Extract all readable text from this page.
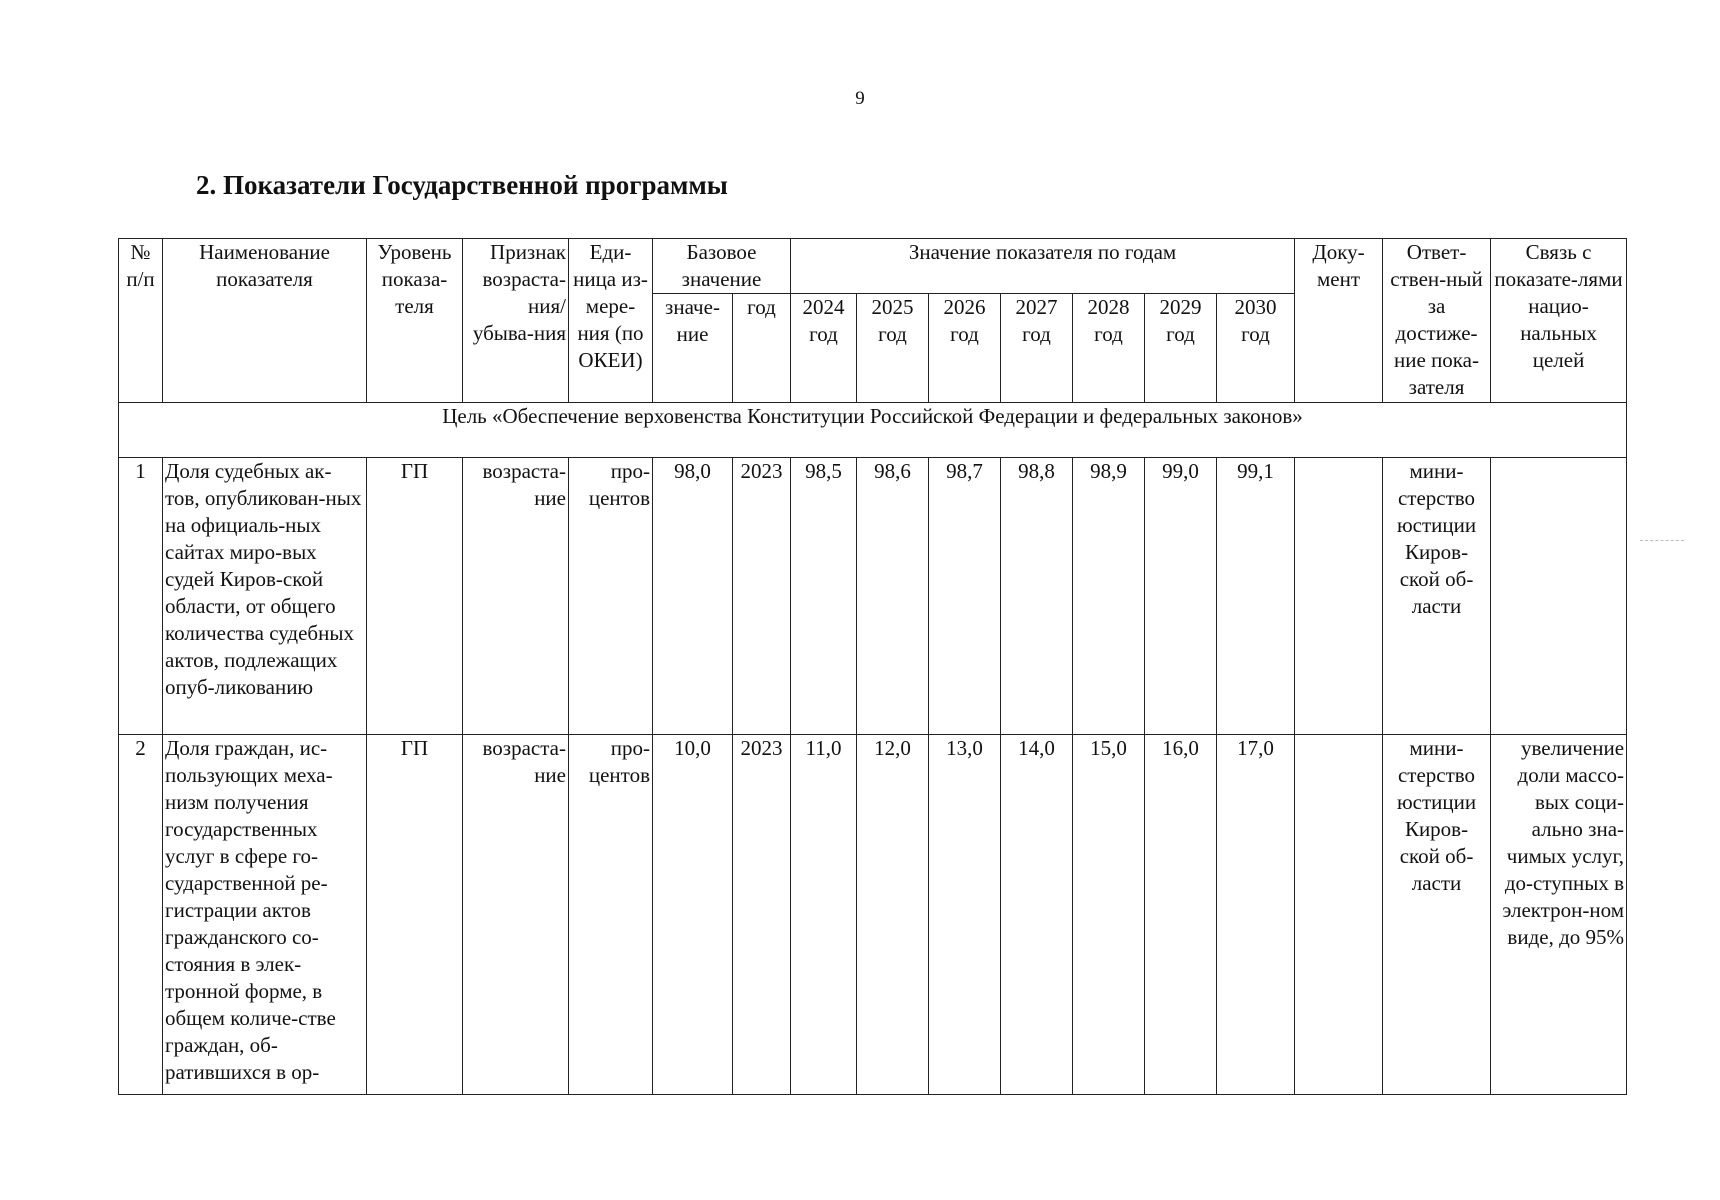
9
2. Показатели Государственной программы
№ п/п	Наименование показателя	Уровень показа-теля	Признак возраста-ния/ убыва-ния	Еди-ница из-мере-ния (по ОКЕИ)	Базовое значение		Значение показателя по годам							Доку-мент	Ответ-ствен-ный за достиже-ние пока-зателя	Связь с показате-лями нацио-нальных целей
					значе-ние	год	2024 год	2025 год	2026 год	2027 год	2028 год	2029 год	2030 год			
Цель «Обеспечение верховенства Конституции Российской Федерации и федеральных законов»																
1	Доля судебных ак-тов, опубликован-ных на официаль-ных сайтах миро-вых судей Киров-ской области, от общего количества судебных актов, подлежащих опуб-ликованию	ГП	возраста-ние	про-центов	98,0	2023	98,5	98,6	98,7	98,8	98,9	99,0	99,1		мини-стерство юстиции Киров-ской об-ласти	
2	Доля граждан, ис-пользующих меха-низм получения государственных услуг в сфере го-сударственной ре-гистрации актов гражданского со-стояния в элек-тронной форме, в общем количе-стве граждан, об-ратившихся в ор-	ГП	возраста-ние	про-центов	10,0	2023	11,0	12,0	13,0	14,0	15,0	16,0	17,0		мини-стерство юстиции Киров-ской об-ласти	увеличение доли массо-вых соци-ально зна-чимых услуг, до-ступных в электрон-ном виде, до 95%
